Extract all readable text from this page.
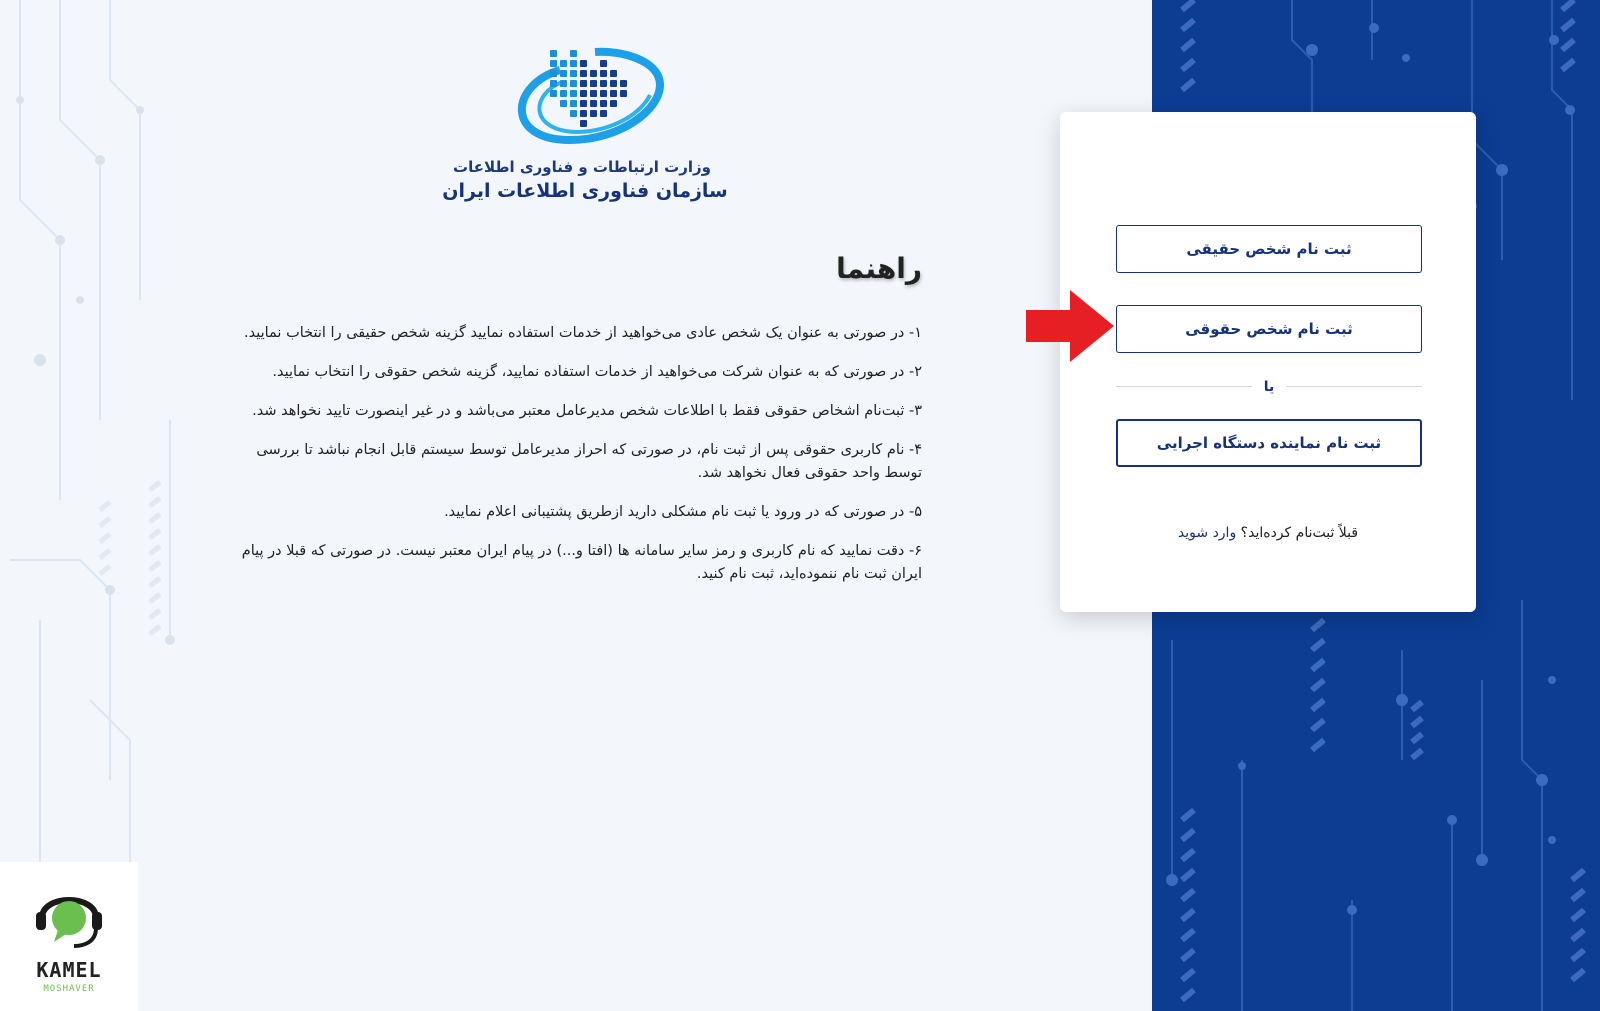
وزارت ارتباطات و فناوری اطلاعات
سازمان فناوری اطلاعات ایران
راهنما
۱- در صورتی به عنوان یک شخص عادی می‌خواهید از خدمات استفاده نمایید گزینه شخص حقیقی را انتخاب نمایید.
۲- در صورتی که به عنوان شرکت می‌خواهید از خدمات استفاده نمایید، گزینه شخص حقوقی را انتخاب نمایید.
۳- ثبت‌نام اشخاص حقوقی فقط با اطلاعات شخص مدیرعامل معتبر می‌باشد و در غیر اینصورت تایید نخواهد شد.
۴- نام کاربری حقوقی پس از ثبت نام، در صورتی که احراز مدیرعامل توسط سیستم قابل انجام نباشد تا بررسی توسط واحد حقوقی فعال نخواهد شد.
۵- در صورتی که در ورود یا ثبت نام مشکلی دارید ازطریق پشتیبانی اعلام نمایید.
۶- دقت نمایید که نام کاربری و رمز سایر سامانه ها (افتا و...) در پیام ایران معتبر نیست. در صورتی که قبلا در پیام ایران ثبت نام ننموده‌اید، ثبت نام کنید.
ثبت نام شخص حقیقی
ثبت نام شخص حقوقی
یا
ثبت نام نماینده دستگاه اجرایی
قبلاً ثبت‌نام کرده‌اید؟ وارد شوید
KAMEL
MOSHAVER
